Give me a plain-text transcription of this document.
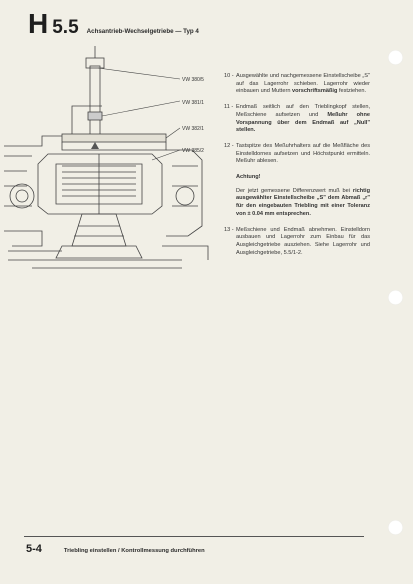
H 5.5 Achsantrieb-Wechselgetriebe — Typ 4
VW 380/5
VW 381/1
VW 382/1
VW 385/2
10 - Ausgewählte und nachgemessene Einstellscheibe „S" auf das Lagerrohr schieben. Lagerrohr wieder einbauen und Muttern vorschriftsmäßig festziehen.
11 - Endmaß seitlich auf den Trieblingkopf stellen, Meßschiene aufsetzen und Meßuhr ohne Vorspannung über dem Endmaß auf „Null" stellen.
12 - Tastspitze des Meßuhrhalters auf die Meßfläche des Einstelldornes aufsetzen und Höchstpunkt ermitteln. Meßuhr ablesen.
Achtung!
Der jetzt gemessene Differenzwert muß bei richtig ausgewählter Einstellscheibe „S" dem Abmaß „r" für den eingebauten Triebling mit einer Toleranz von ± 0.04 mm entsprechen.
13 - Meßschiene und Endmaß abnehmen. Einstelldorn ausbauen und Lagerrohr zum Einbau für das Ausgleichgetriebe ausziehen. Siehe Lagerrohr und Ausgleichgetriebe, 5.5/1-2.
5-4	Triebling einstellen / Kontrollmessung durchführen
